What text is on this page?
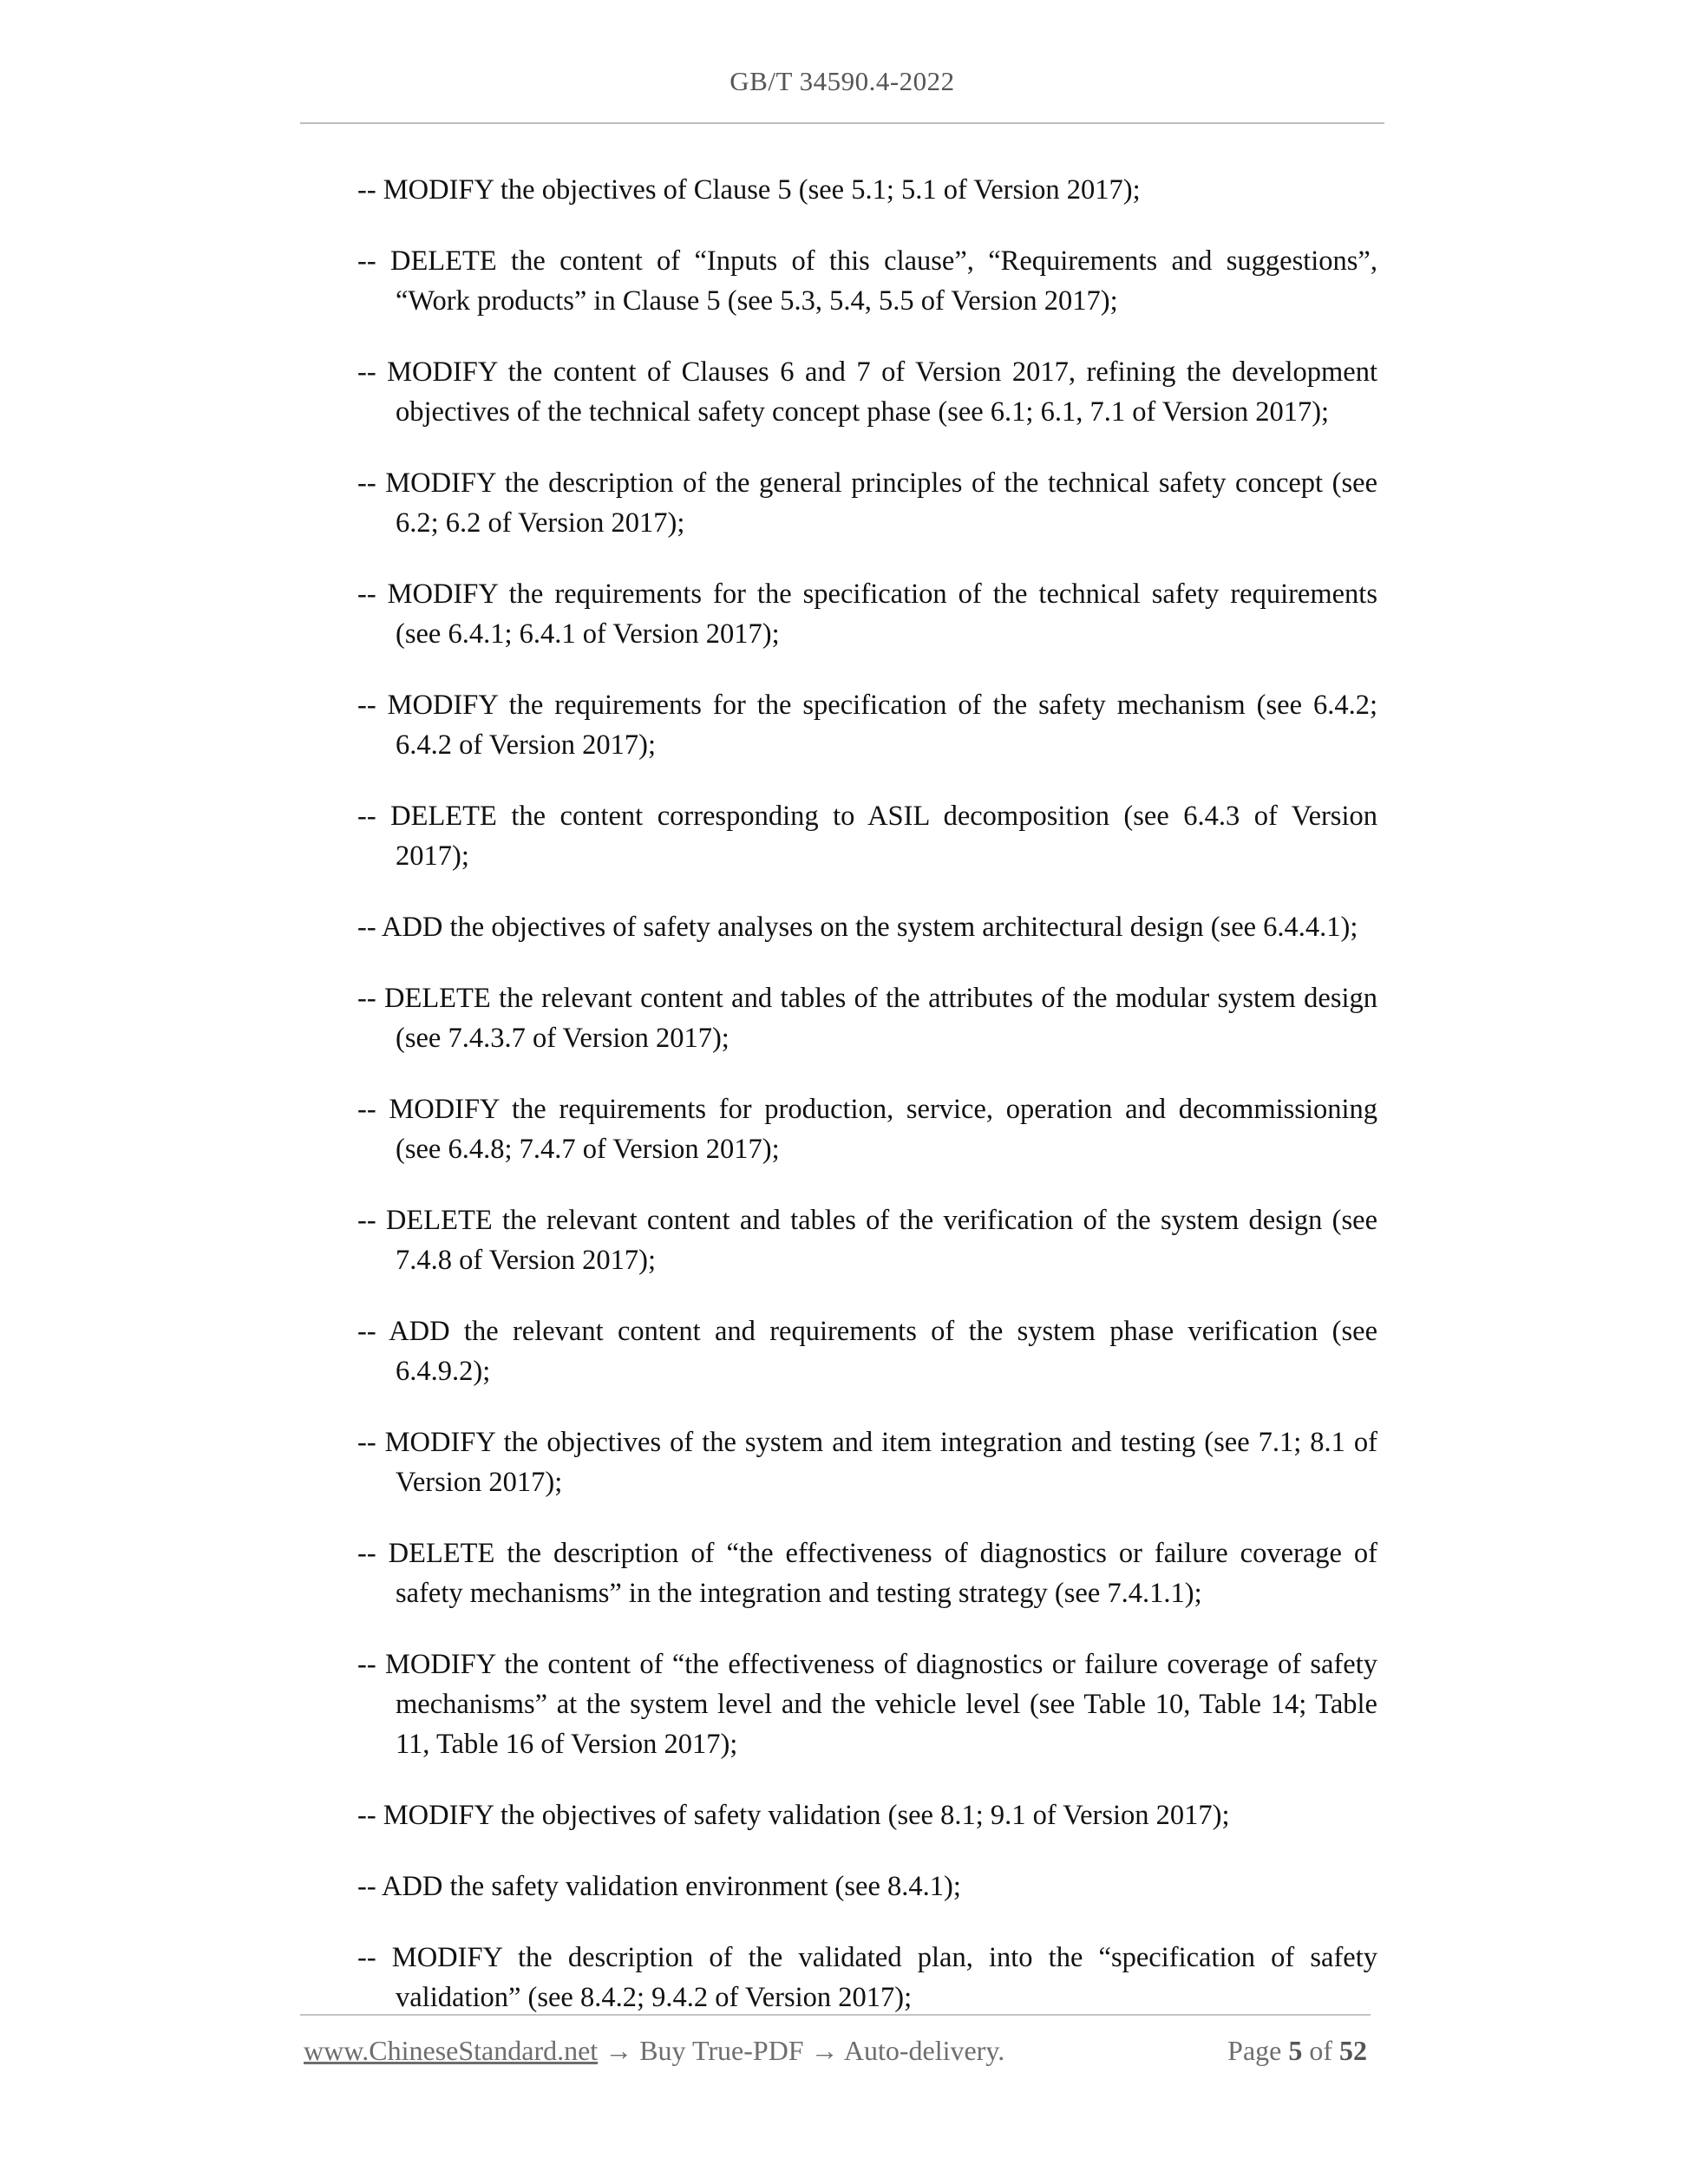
GB/T 34590.4-2022

-- MODIFY the objectives of Clause 5 (see 5.1; 5.1 of Version 2017);

-- DELETE the content of “Inputs of this clause”, “Requirements and suggestions”, “Work products” in Clause 5 (see 5.3, 5.4, 5.5 of Version 2017);

-- MODIFY the content of Clauses 6 and 7 of Version 2017, refining the development objectives of the technical safety concept phase (see 6.1; 6.1, 7.1 of Version 2017);

-- MODIFY the description of the general principles of the technical safety concept (see 6.2; 6.2 of Version 2017);

-- MODIFY the requirements for the specification of the technical safety requirements (see 6.4.1; 6.4.1 of Version 2017);

-- MODIFY the requirements for the specification of the safety mechanism (see 6.4.2; 6.4.2 of Version 2017);

-- DELETE the content corresponding to ASIL decomposition (see 6.4.3 of Version 2017);

-- ADD the objectives of safety analyses on the system architectural design (see 6.4.4.1);

-- DELETE the relevant content and tables of the attributes of the modular system design (see 7.4.3.7 of Version 2017);

-- MODIFY the requirements for production, service, operation and decommissioning (see 6.4.8; 7.4.7 of Version 2017);

-- DELETE the relevant content and tables of the verification of the system design (see 7.4.8 of Version 2017);

-- ADD the relevant content and requirements of the system phase verification (see 6.4.9.2);

-- MODIFY the objectives of the system and item integration and testing (see 7.1; 8.1 of Version 2017);

-- DELETE the description of “the effectiveness of diagnostics or failure coverage of safety mechanisms” in the integration and testing strategy (see 7.4.1.1);

-- MODIFY the content of “the effectiveness of diagnostics or failure coverage of safety mechanisms” at the system level and the vehicle level (see Table 10, Table 14; Table 11, Table 16 of Version 2017);

-- MODIFY the objectives of safety validation (see 8.1; 9.1 of Version 2017);

-- ADD the safety validation environment (see 8.4.1);

-- MODIFY the description of the validated plan, into the “specification of safety validation” (see 8.4.2; 9.4.2 of Version 2017);

www.ChineseStandard.net → Buy True-PDF → Auto-delivery.	Page 5 of 52
